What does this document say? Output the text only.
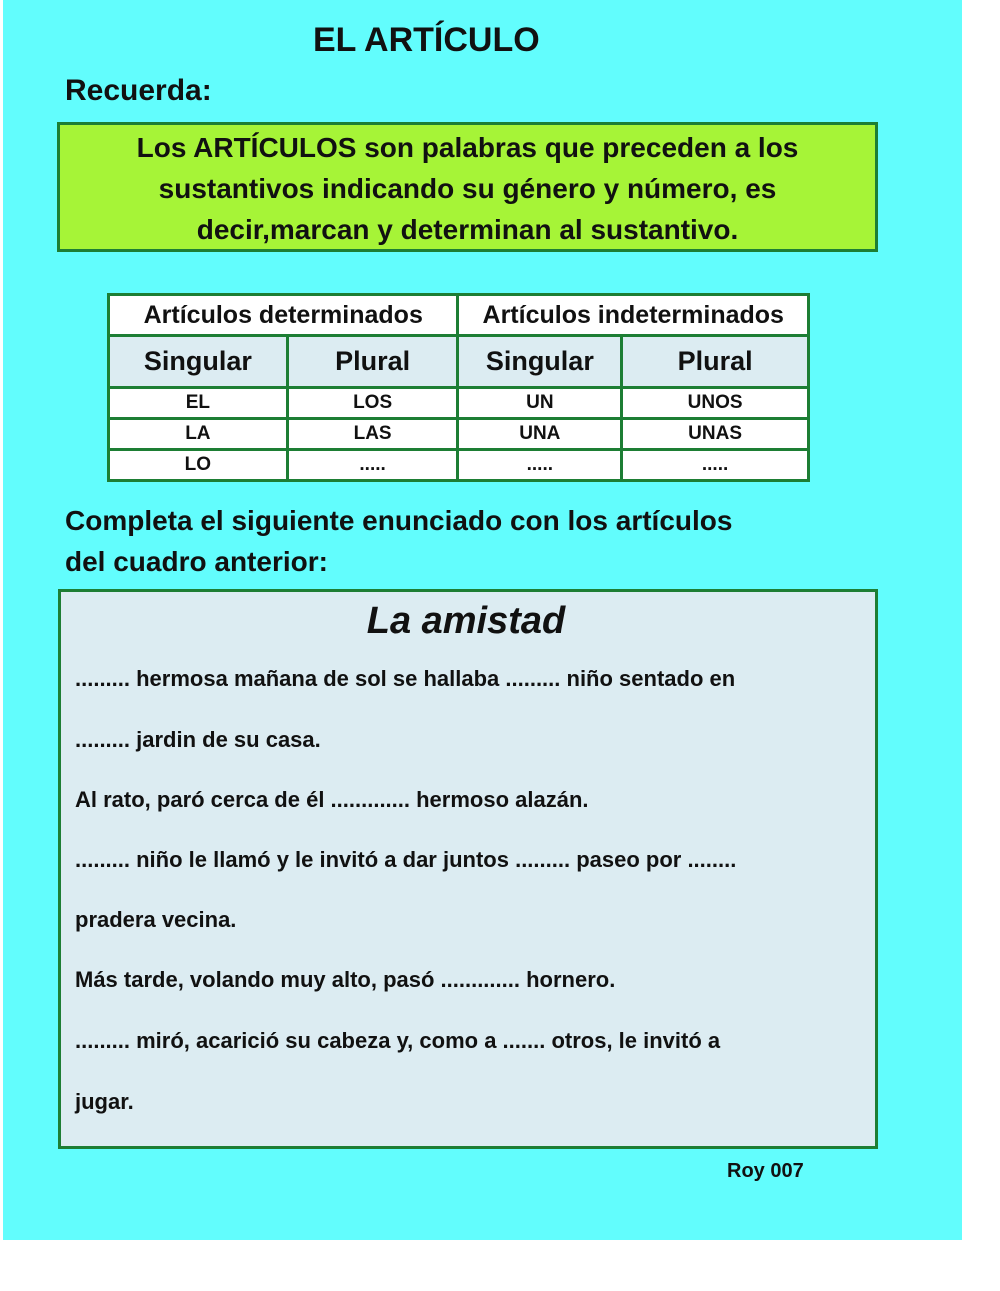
EL ARTÍCULO
Recuerda:

Los ARTÍCULOS son palabras que preceden a los

sustantivos indicando su género y número, es

decir,marcan y determinan al sustantivo.

Artículos determinados		Artículos indeterminados	
Singular	Plural	Singular	Plural
EL	LOS	UN	UNOS
LA	LAS	UNA	UNAS
LO	.....	.....	.....
Completa el siguiente enunciado con los artículos
del cuadro anterior:
La amistad

......... hermosa mañana de sol se hallaba ......... niño sentado en

......... jardin de su casa.

Al rato, paró cerca de él ............. hermoso alazán.

......... niño le llamó y le invitó a dar juntos ......... paseo por ........

pradera vecina.

Más tarde, volando muy alto, pasó ............. hornero.

......... miró, acarició su cabeza y, como a ....... otros, le invitó a

jugar.

Roy 007
